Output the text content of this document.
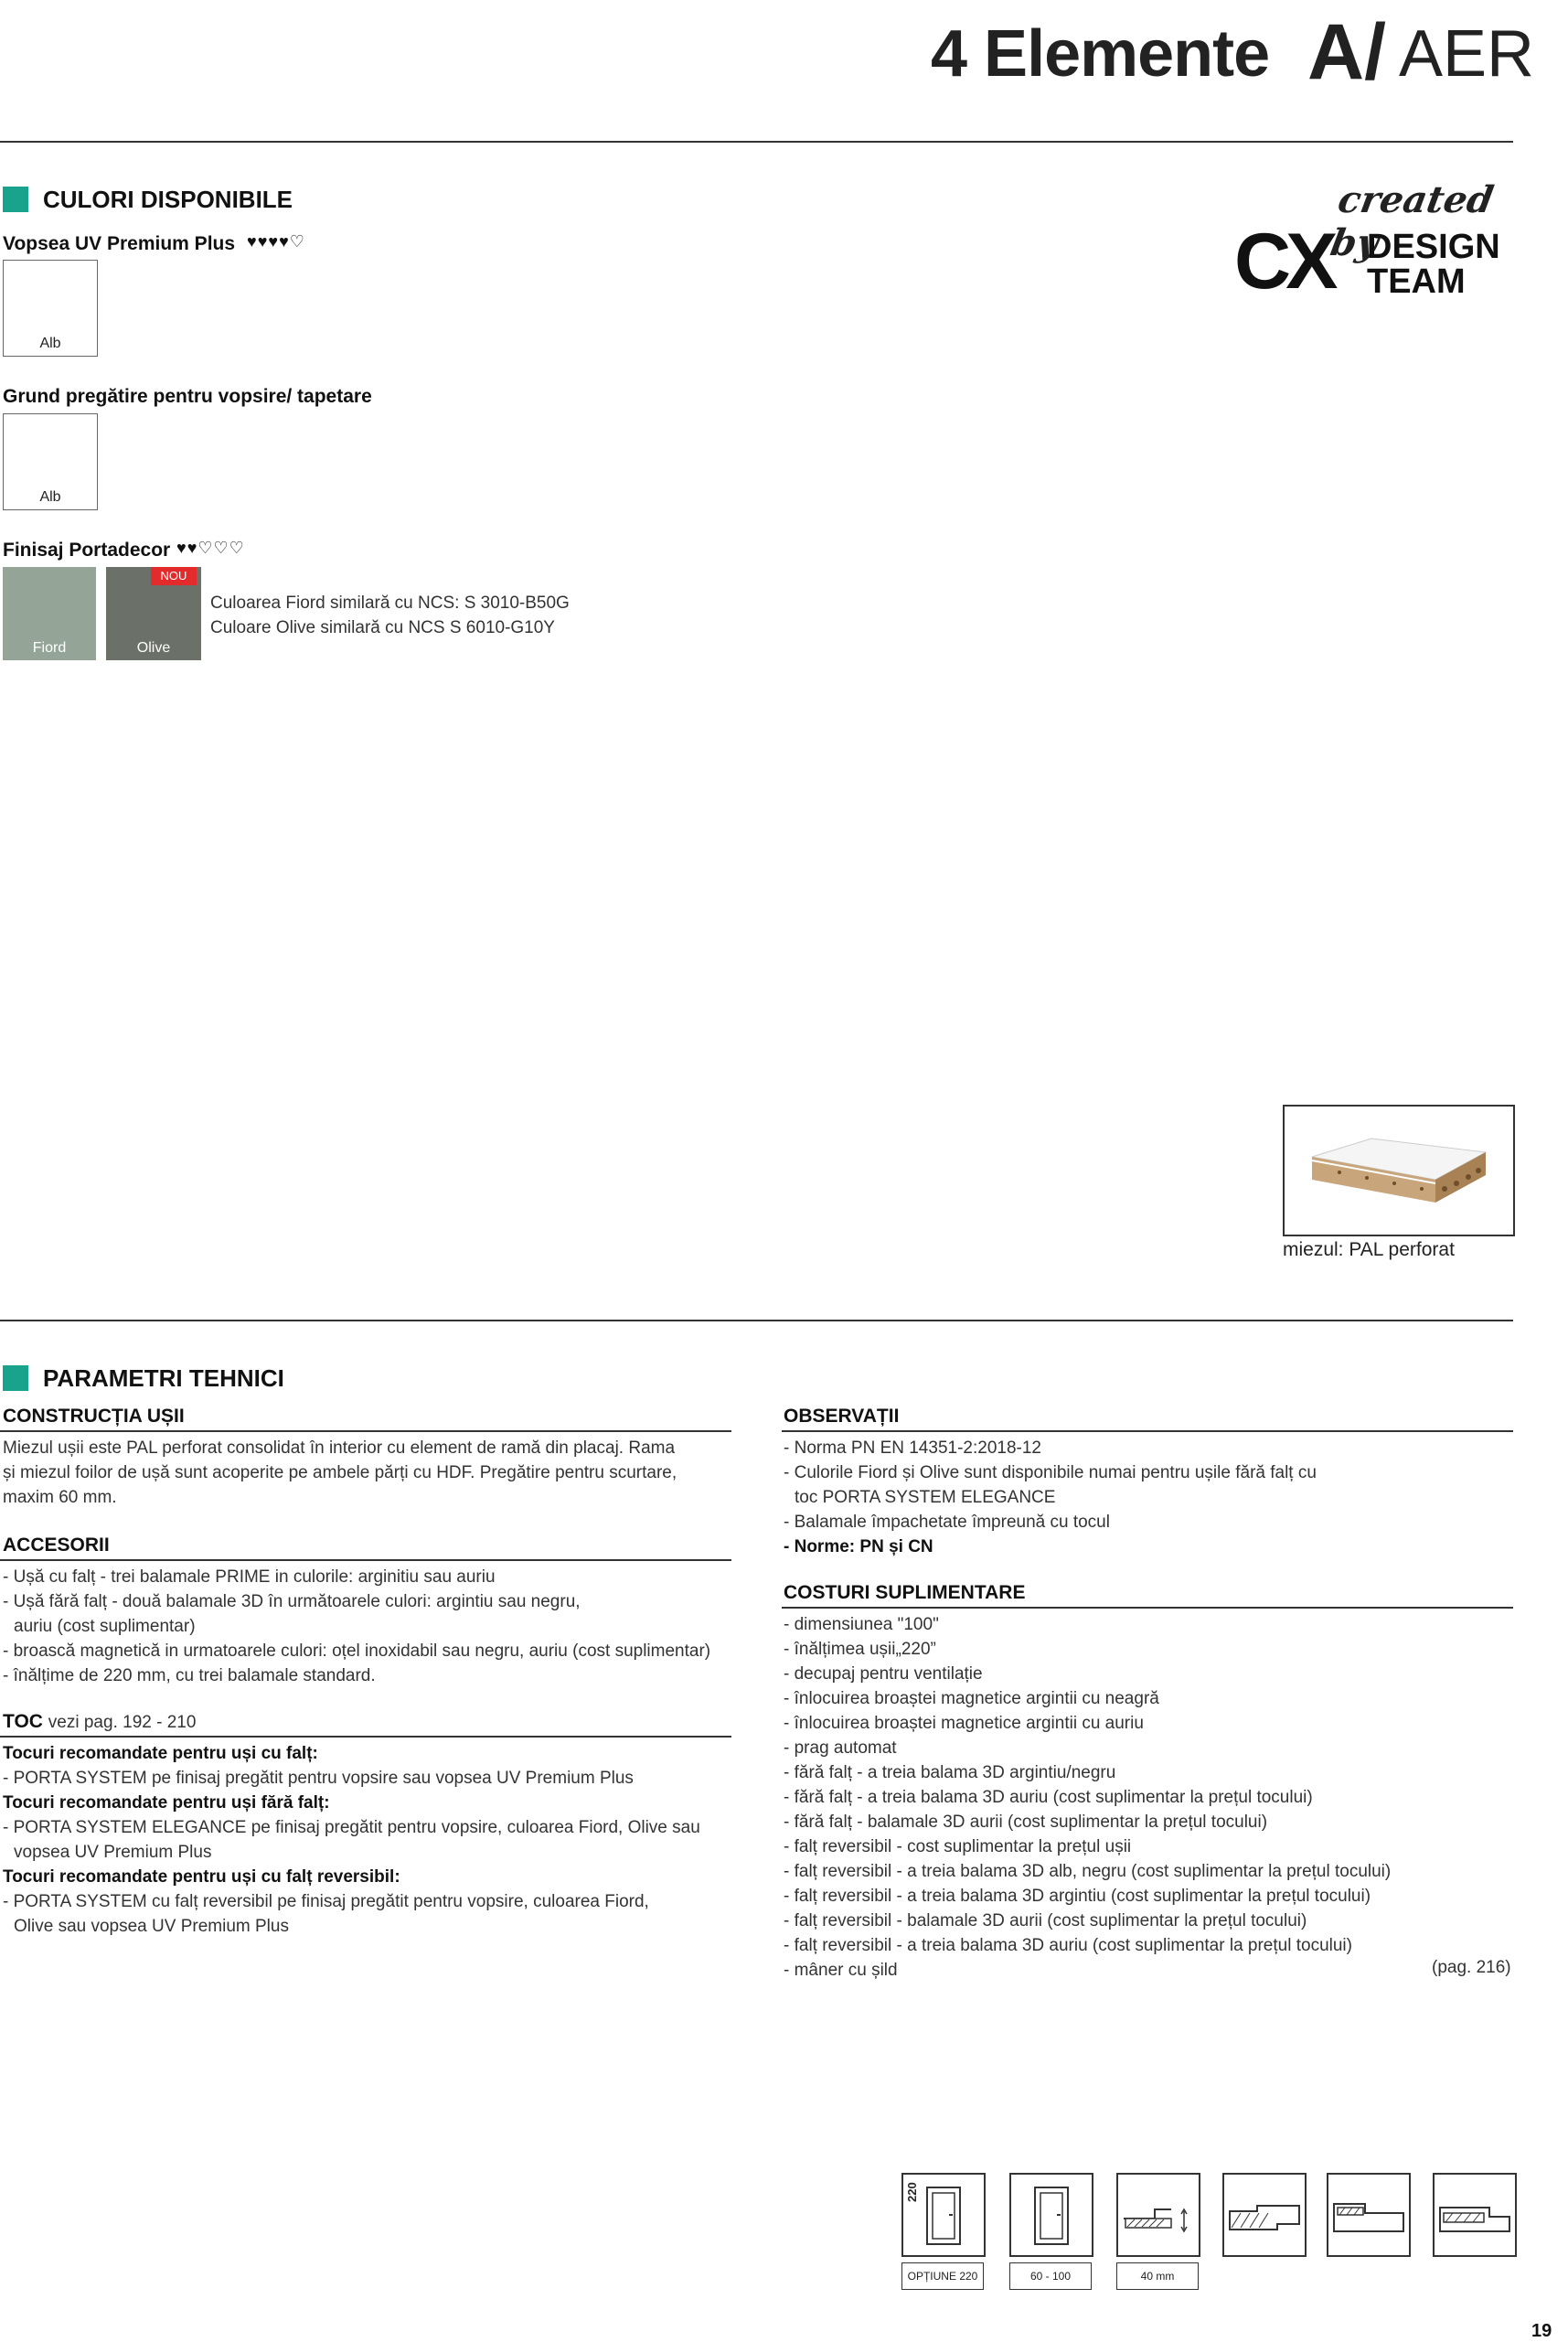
4 Elemente A/ AER
CULORI DISPONIBILE	created by
CX DESIGN
TEAM
Vopsea UV Premium Plus ♥♥♥♥♡
Alb
Grund pregătire pentru vopsire/ tapetare
Alb
Finisaj Portadecor ♥♥♡♡♡
Fiord	Olive
NOU
Culoarea Fiord similară cu NCS: S 3010-B50G
Culoare Olive similară cu NCS S 6010-G10Y
miezul: PAL perforat
PARAMETRI TEHNICI
CONSTRUCȚIA UȘII

Miezul ușii este PAL perforat consolidat în interior cu element de ramă din placaj. Rama

și miezul foilor de ușă sunt acoperite pe ambele părți cu HDF. Pregătire pentru scurtare,

maxim 60 mm.

ACCESORII

- Ușă cu falț - trei balamale PRIME in culorile: arginitiu sau auriu

- Ușă fără falț - două balamale 3D în următoarele culori: argintiu sau negru,

auriu (cost suplimentar)

- broască magnetică in urmatoarele culori: oțel inoxidabil sau negru, auriu (cost suplimentar)

- înălțime de 220 mm, cu trei balamale standard.

TOC vezi pag. 192 - 210

Tocuri recomandate pentru uși cu falț:

- PORTA SYSTEM pe finisaj pregătit pentru vopsire sau vopsea UV Premium Plus

Tocuri recomandate pentru uși fără falț:

- PORTA SYSTEM ELEGANCE pe finisaj pregătit pentru vopsire, culoarea Fiord, Olive sau

vopsea UV Premium Plus

Tocuri recomandate pentru uși cu falț reversibil:

- PORTA SYSTEM cu falț reversibil pe finisaj pregătit pentru vopsire, culoarea Fiord,

Olive sau vopsea UV Premium Plus

OBSERVAȚII

- Norma PN EN 14351-2:2018-12

- Culorile Fiord și Olive sunt disponibile numai pentru ușile fără falț cu

toc PORTA SYSTEM ELEGANCE

- Balamale împachetate împreună cu tocul

- Norme: PN și CN

COSTURI SUPLIMENTARE

- dimensiunea "100"

- înălțimea ușii„220”

- decupaj pentru ventilație

- înlocuirea broaștei magnetice argintii cu neagră

- înlocuirea broaștei magnetice argintii cu auriu

- prag automat

- fără falț - a treia balama 3D argintiu/negru

- fără falț - a treia balama 3D auriu (cost suplimentar la prețul tocului)

- fără falț - balamale 3D aurii (cost suplimentar la prețul tocului)

- falț reversibil - cost suplimentar la prețul ușii

- falț reversibil - a treia balama 3D alb, negru (cost suplimentar la prețul tocului)

- falț reversibil - a treia balama 3D argintiu (cost suplimentar la prețul tocului)

- falț reversibil - balamale 3D aurii (cost suplimentar la prețul tocului)

- falț reversibil - a treia balama 3D auriu (cost suplimentar la prețul tocului)

- mâner cu șild	(pag. 216)
220
OPȚIUNE 220	60 - 100	40 mm
19
